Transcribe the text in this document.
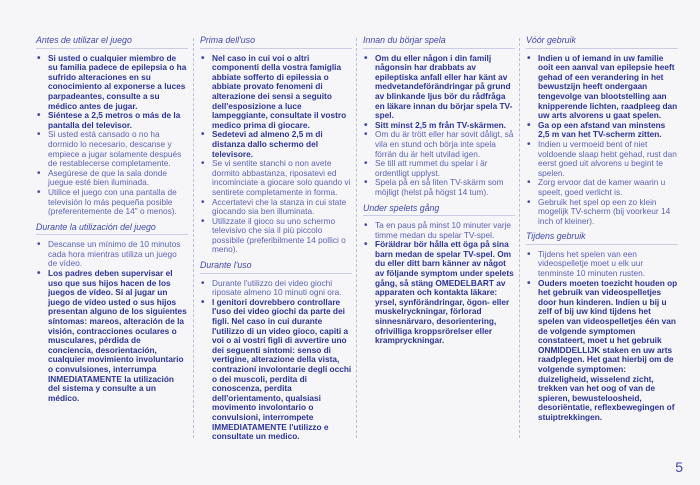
Antes de utilizar el juego
• Si usted o cualquier miembro de su familia padece de epilepsia o ha sufrido alteraciones en su conocimiento al exponerse a luces parpadeantes, consulte a su médico antes de jugar.
• Siéntese a 2,5 metros o más de la pantalla del televisor.
• Si usted está cansado o no ha dormido lo necesario, descanse y empiece a jugar solamente después de restablecerse completamente.
• Asegúrese de que la sala donde juegue esté bien iluminada.
• Utilice el juego con una pantalla de televisión lo más pequeña posible (preferentemente de 14" o menos).
Durante la utilización del juego
• Descanse un mínimo de 10 minutos cada hora mientras utiliza un juego de vídeo.
• Los padres deben supervisar el uso que sus hijos hacen de los juegos de vídeo. Si al jugar un juego de vídeo usted o sus hijos presentan alguno de los siguientes síntomas: mareos, alteración de la visión, contracciones oculares o musculares, pérdida de conciencia, desorientación, cualquier movimiento involuntario o convulsiones, interrumpa INMEDIATAMENTE la utilización del sistema y consulte a un médico.
Prima dell'uso
• Nel caso in cui voi o altri componenti della vostra famiglia abbiate sofferto di epilessia o abbiate provato fenomeni di alterazione dei sensi a seguito dell'esposizione a luce lampeggiante, consultate il vostro medico prima di giocare.
• Sedetevi ad almeno 2,5 m di distanza dallo schermo del televisore.
• Se vi sentite stanchi o non avete dormito abbastanza, riposatevi ed incominciate a giocare solo quando vi sentirete completamente in forma.
• Accertatevi che la stanza in cui state giocando sia ben illuminata.
• Utilizzate il gioco su uno schermo televisivo che sia il più piccolo possibile (preferibilmente 14 pollici o meno).
Durante l'uso
• Durante l'utilizzo dei video giochi riposate almeno 10 minuti ogni ora.
• I genitori dovrebbero controllare l'uso dei video giochi da parte dei figli. Nel caso in cui durante l'utilizzo di un video gioco, capiti a voi o ai vostri figli di avvertire uno dei seguenti sintomi: senso di vertigine, alterazione della vista, contrazioni involontarie degli occhi o dei muscoli, perdita di conoscenza, perdita dell'orientamento, qualsiasi movimento involontario o convulsioni, interrompete IMMEDIATAMENTE l'utilizzo e consultate un medico.
Innan du börjar spela
• Om du eller någon i din familj någonsin har drabbats av epileptiska anfall eller har känt av medvetandeförändringar på grund av blinkande ljus bör du rådfråga en läkare innan du börjar spela TV-spel.
• Sitt minst 2,5 m från TV-skärmen.
• Om du är trött eller har sovit dåligt, så vila en stund och börja inte spela förrän du är helt utvilad igen.
• Se till att rummet du spelar i är ordentligt upplyst.
• Spela på en så liten TV-skärm som möjligt (helst på högst 14 tum).
Under spelets gång
• Ta en paus på minst 10 minuter varje timme medan du spelar TV-spel.
• Föräldrar bör hålla ett öga på sina barn medan de spelar TV-spel. Om du eller ditt barn känner av något av följande symptom under spelets gång, så stäng OMEDELBART av apparaten och kontakta läkare: yrsel, synförändringar, ögon- eller muskelryckningar, förlorad sinnesnärvaro, desorientering, ofrivilliga kroppsrörelser eller krampryckningar.
Vóór gebruik
• Indien u of iemand in uw familie ooit een aanval van epilepsie heeft gehad of een verandering in het bewustzijn heeft ondergaan tengevolge van blootstelling aan knipperende lichten, raadpleeg dan uw arts alvorens u gaat spelen.
• Ga op een afstand van minstens 2,5 m van het TV-scherm zitten.
• Indien u vermoeid bent of niet voldoende slaap hebt gehad, rust dan eerst goed uit alvorens u begint te spelen.
• Zorg ervoor dat de kamer waarin u speelt, goed verlicht is.
• Gebruik het spel op een zo klein mogelijk TV-scherm (bij voorkeur 14 inch of kleiner).
Tijdens gebruik
• Tijdens het spelen van een videospelletje moet u elk uur tenminste 10 minuten rusten.
• Ouders moeten toezicht houden op het gebruik van videospelletjes door hun kinderen. Indien u bij u zelf of bij uw kind tijdens het spelen van videospelletjes één van de volgende symptomen constateert, moet u het gebruik ONMIDDELLIJK staken en uw arts raadplegen. Het gaat hierbij om de volgende symptomen: duizeligheid, wisselend zicht, trekken van het oog of van de spieren, bewusteloosheid, desoriëntatie, reflexbewegingen of stuiptrekkingen.
5
